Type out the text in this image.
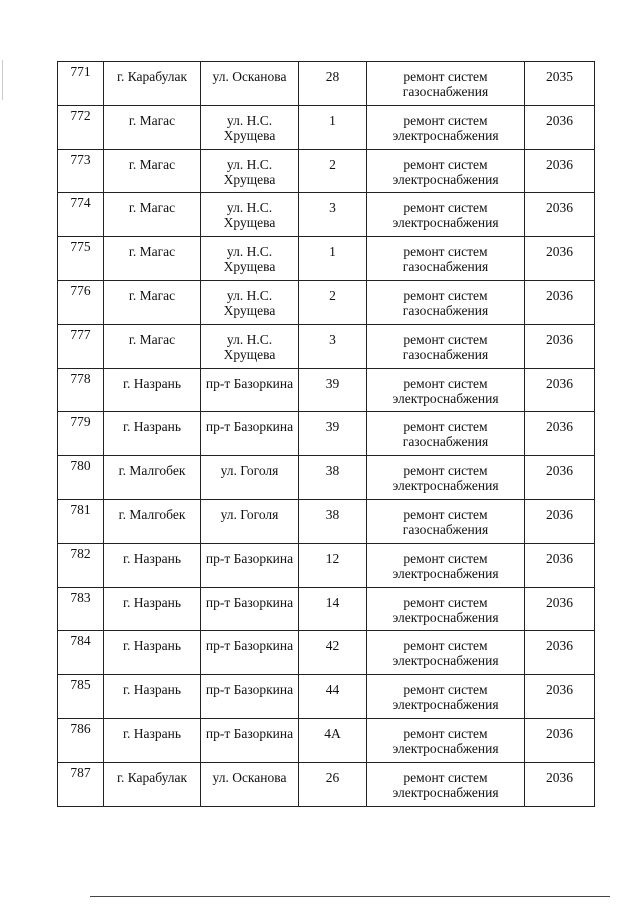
771	г. Карабулак	ул. Осканова	28	ремонт систем газоснабжения	2035

772	г. Магас	ул. Н.С. Хрущева	1	ремонт систем электроснабжения	2036

773	г. Магас	ул. Н.С. Хрущева	2	ремонт систем электроснабжения	2036

774	г. Магас	ул. Н.С. Хрущева	3	ремонт систем электроснабжения	2036

775	г. Магас	ул. Н.С. Хрущева	1	ремонт систем газоснабжения	2036

776	г. Магас	ул. Н.С. Хрущева	2	ремонт систем газоснабжения	2036

777	г. Магас	ул. Н.С. Хрущева	3	ремонт систем газоснабжения	2036

778	г. Назрань	пр-т Базоркина	39	ремонт систем электроснабжения	2036

779	г. Назрань	пр-т Базоркина	39	ремонт систем газоснабжения	2036

780	г. Малгобек	ул. Гоголя	38	ремонт систем электроснабжения	2036

781	г. Малгобек	ул. Гоголя	38	ремонт систем газоснабжения	2036

782	г. Назрань	пр-т Базоркина	12	ремонт систем электроснабжения	2036

783	г. Назрань	пр-т Базоркина	14	ремонт систем электроснабжения	2036

784	г. Назрань	пр-т Базоркина	42	ремонт систем электроснабжения	2036

785	г. Назрань	пр-т Базоркина	44	ремонт систем электроснабжения	2036

786	г. Назрань	пр-т Базоркина	4А	ремонт систем электроснабжения	2036

787	г. Карабулак	ул. Осканова	26	ремонт систем электроснабжения	2036
